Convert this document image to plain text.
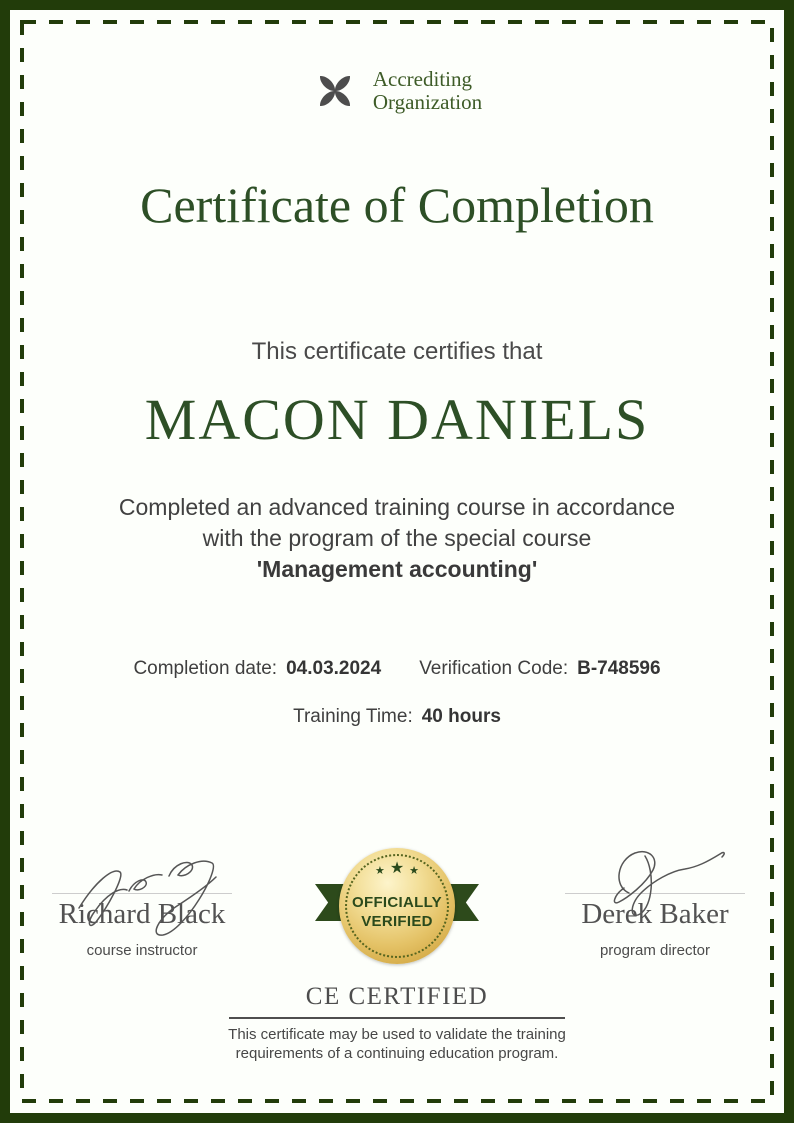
Accrediting
Organization
Certificate of Completion
This certificate certifies that
MACON DANIELS
Completed an advanced training course in accordance
with the program of the special course
'Management accounting'
Completion date: 04.03.2024 Verification Code: B-748596
Training Time: 40 hours
Richard Black
course instructor
★ ★ ★
OFFICIALLY
VERIFIED	Derek Baker
program director
CE CERTIFIED
This certificate may be used to validate the training
requirements of a continuing education program.
